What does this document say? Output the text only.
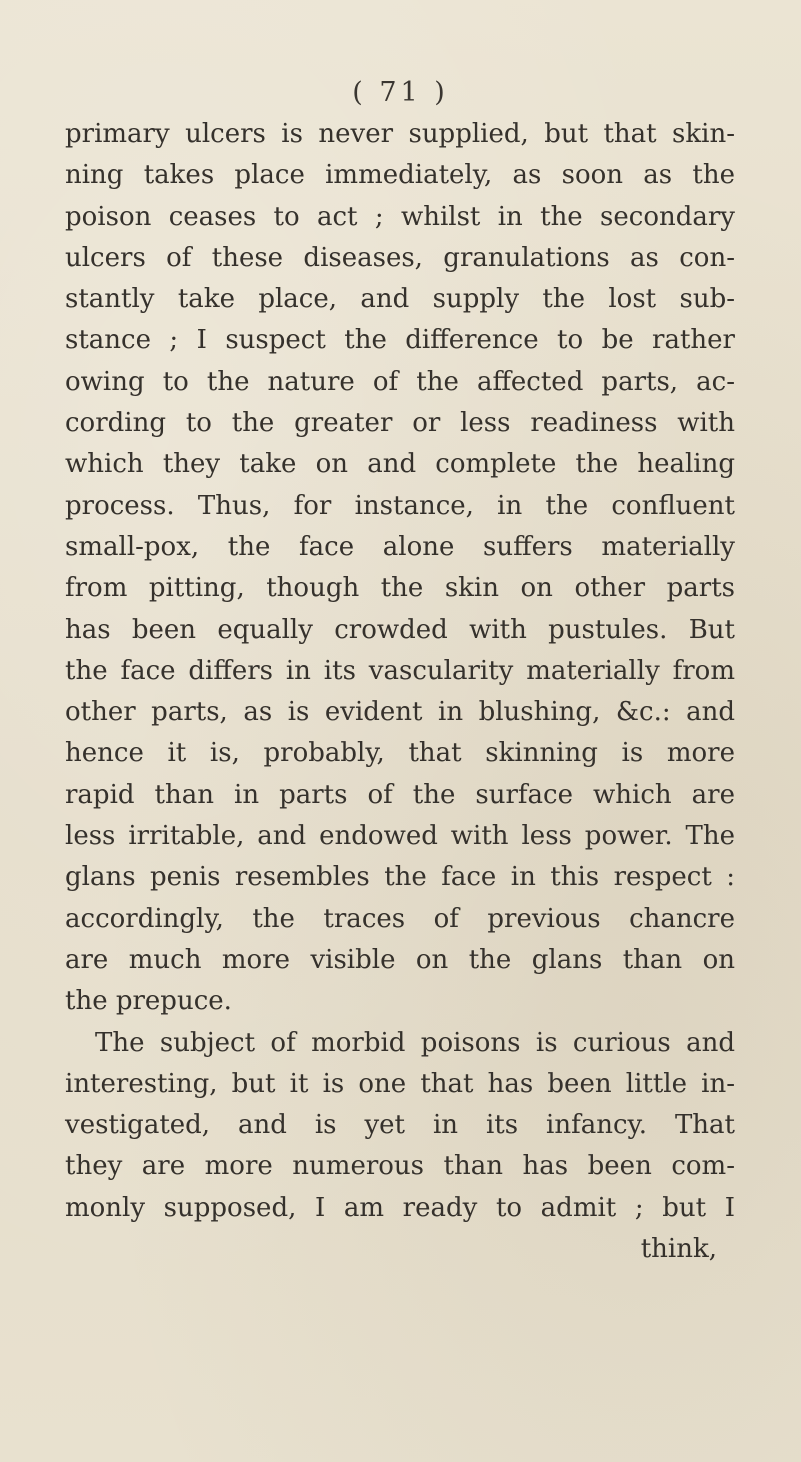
( 71 )
primary ulcers is never supplied, but that skin-
ning takes place immediately, as soon as the
poison ceases to act ; whilst in the secondary
ulcers of these diseases, granulations as con-
stantly take place, and supply the lost sub-
stance ; I suspect the difference to be rather
owing to the nature of the affected parts, ac-
cording to the greater or less readiness with
which they take on and complete the healing
process. Thus, for instance, in the confluent
small-pox, the face alone suffers materially
from pitting, though the skin on other parts
has been equally crowded with pustules. But
the face differs in its vascularity materially from
other parts, as is evident in blushing, &c.: and
hence it is, probably, that skinning is more
rapid than in parts of the surface which are
less irritable, and endowed with less power. The
glans penis resembles the face in this respect :
accordingly, the traces of previous chancre
are much more visible on the glans than on
the prepuce.
The subject of morbid poisons is curious and
interesting, but it is one that has been little in-
vestigated, and is yet in its infancy. That
they are more numerous than has been com-
monly supposed, I am ready to admit ; but I
think,
